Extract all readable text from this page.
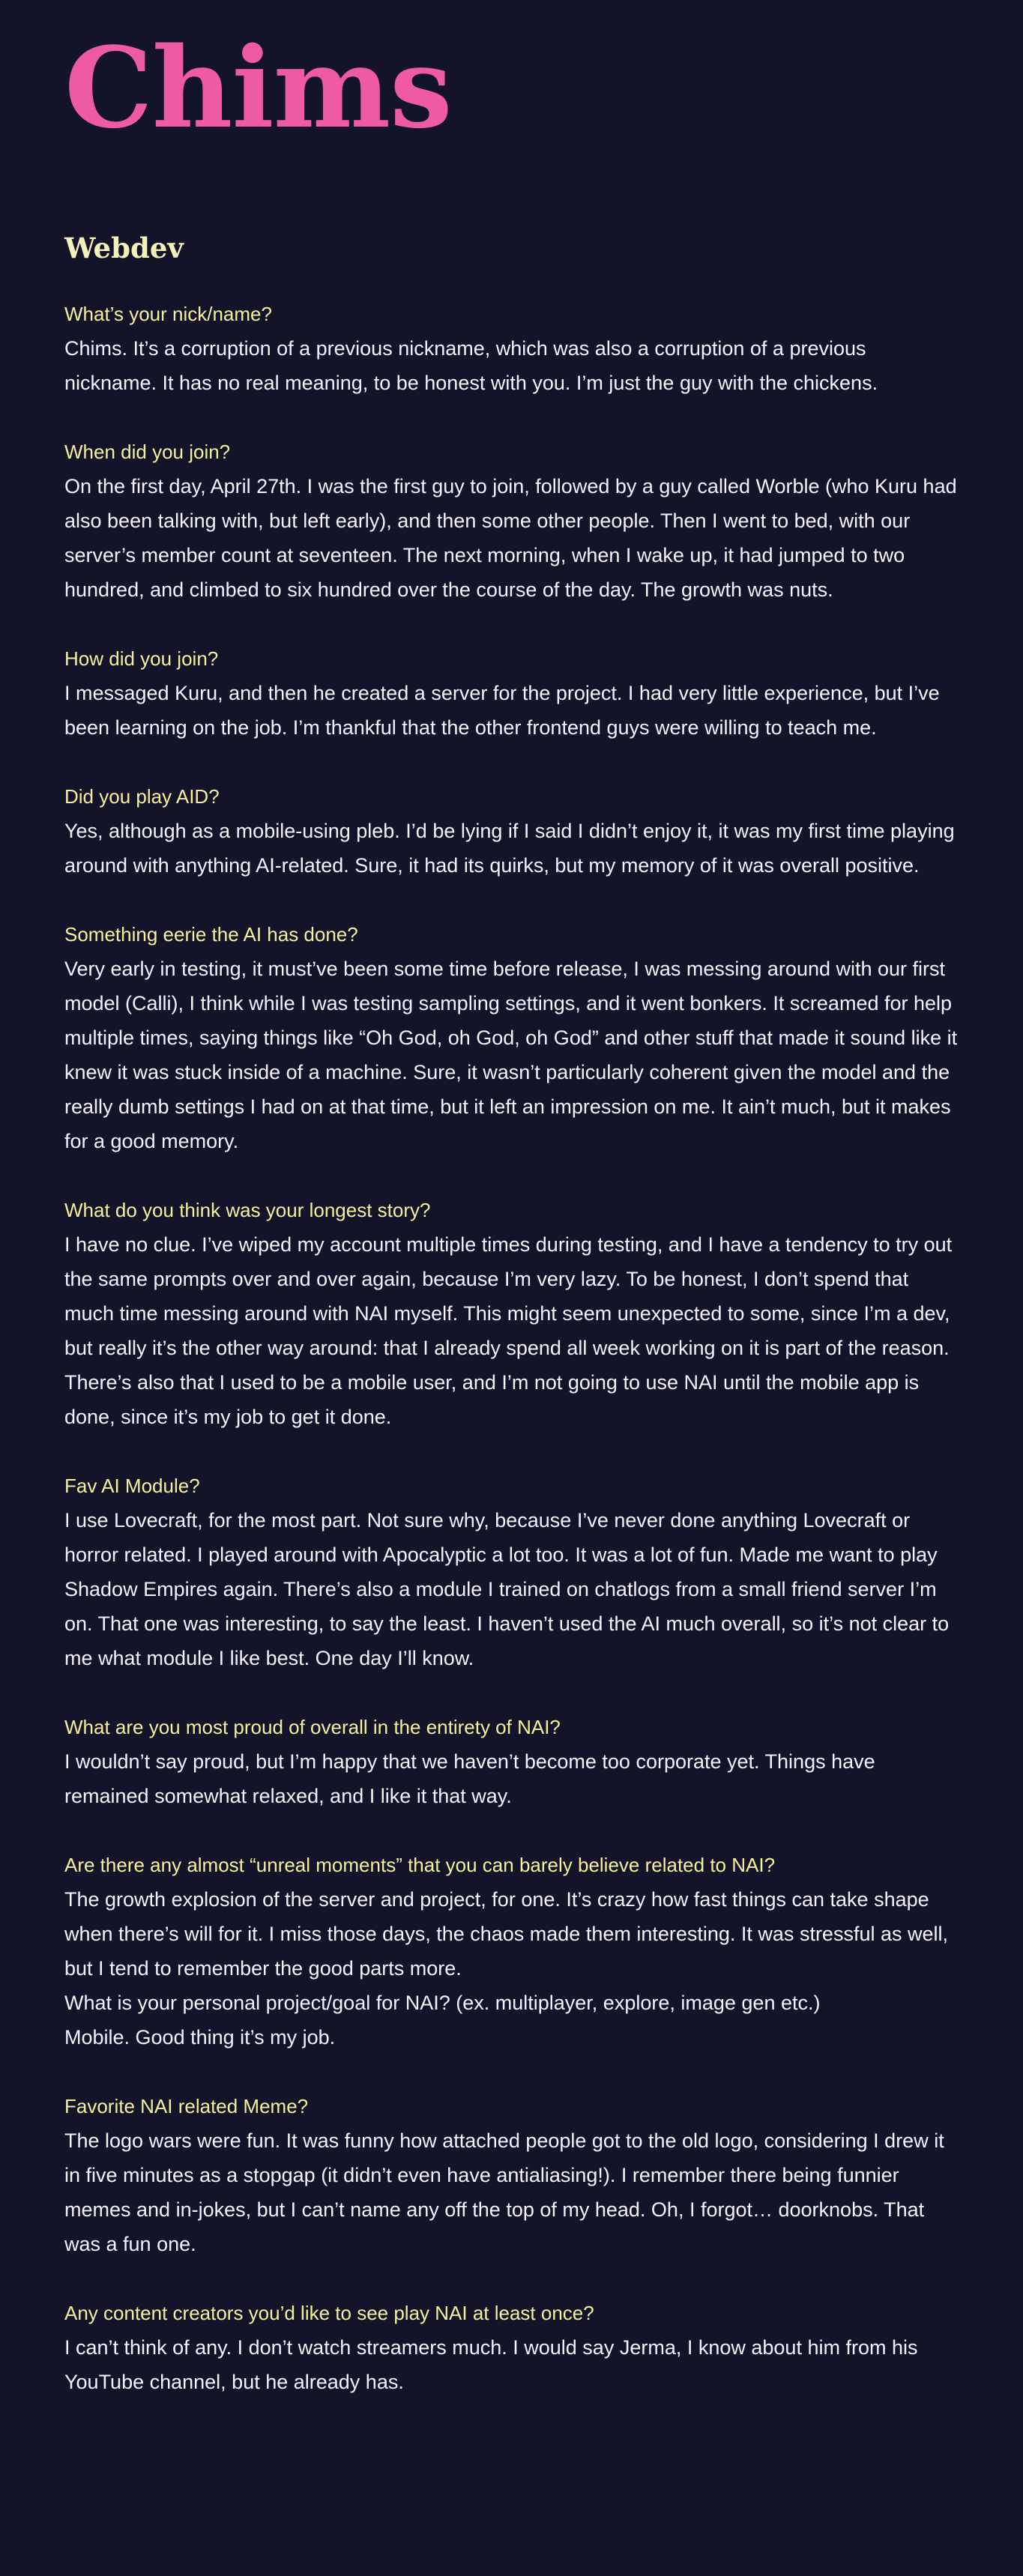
Chims
Webdev

What’s your nick/name?

Chims. It’s a corruption of a previous nickname, which was also a corruption of a previous nickname. It has no real meaning, to be honest with you. I’m just the guy with the chickens.

When did you join?

On the first day, April 27th. I was the first guy to join, followed by a guy called Worble (who Kuru had also been talking with, but left early), and then some other people. Then I went to bed, with our server’s member count at seventeen. The next morning, when I wake up, it had jumped to two hundred, and climbed to six hundred over the course of the day. The growth was nuts.

How did you join?

I messaged Kuru, and then he created a server for the project. I had very little experience, but I’ve been learning on the job. I’m thankful that the other frontend guys were willing to teach me.

Did you play AID?

Yes, although as a mobile-using pleb. I’d be lying if I said I didn’t enjoy it, it was my first time playing around with anything AI-related. Sure, it had its quirks, but my memory of it was overall positive.

Something eerie the AI has done?

Very early in testing, it must’ve been some time before release, I was messing around with our first model (Calli), I think while I was testing sampling settings, and it went bonkers. It screamed for help multiple times, saying things like “Oh God, oh God, oh God” and other stuff that made it sound like it knew it was stuck inside of a machine. Sure, it wasn’t particularly coherent given the model and the really dumb settings I had on at that time, but it left an impression on me. It ain’t much, but it makes for a good memory.

What do you think was your longest story?

I have no clue. I’ve wiped my account multiple times during testing, and I have a tendency to try out the same prompts over and over again, because I’m very lazy. To be honest, I don’t spend that much time messing around with NAI myself. This might seem unexpected to some, since I’m a dev, but really it’s the other way around: that I already spend all week working on it is part of the reason. There’s also that I used to be a mobile user, and I’m not going to use NAI until the mobile app is done, since it’s my job to get it done.

Fav AI Module?

I use Lovecraft, for the most part. Not sure why, because I’ve never done anything Lovecraft or horror related. I played around with Apocalyptic a lot too. It was a lot of fun. Made me want to play Shadow Empires again. There’s also a module I trained on chatlogs from a small friend server I’m on. That one was interesting, to say the least. I haven’t used the AI much overall, so it’s not clear to me what module I like best. One day I’ll know.

What are you most proud of overall in the entirety of NAI?

I wouldn’t say proud, but I’m happy that we haven’t become too corporate yet. Things have remained somewhat relaxed, and I like it that way.

Are there any almost “unreal moments” that you can barely believe related to NAI?

The growth explosion of the server and project, for one. It’s crazy how fast things can take shape when there’s will for it. I miss those days, the chaos made them interesting. It was stressful as well, but I tend to remember the good parts more.

What is your personal project/goal for NAI? (ex. multiplayer, explore, image gen etc.)

Mobile. Good thing it’s my job.

Favorite NAI related Meme?

The logo wars were fun. It was funny how attached people got to the old logo, considering I drew it in five minutes as a stopgap (it didn’t even have antialiasing!). I remember there being funnier memes and in-jokes, but I can’t name any off the top of my head. Oh, I forgot… doorknobs. That was a fun one.

Any content creators you’d like to see play NAI at least once?

I can’t think of any. I don’t watch streamers much. I would say Jerma, I know about him from his YouTube channel, but he already has.
